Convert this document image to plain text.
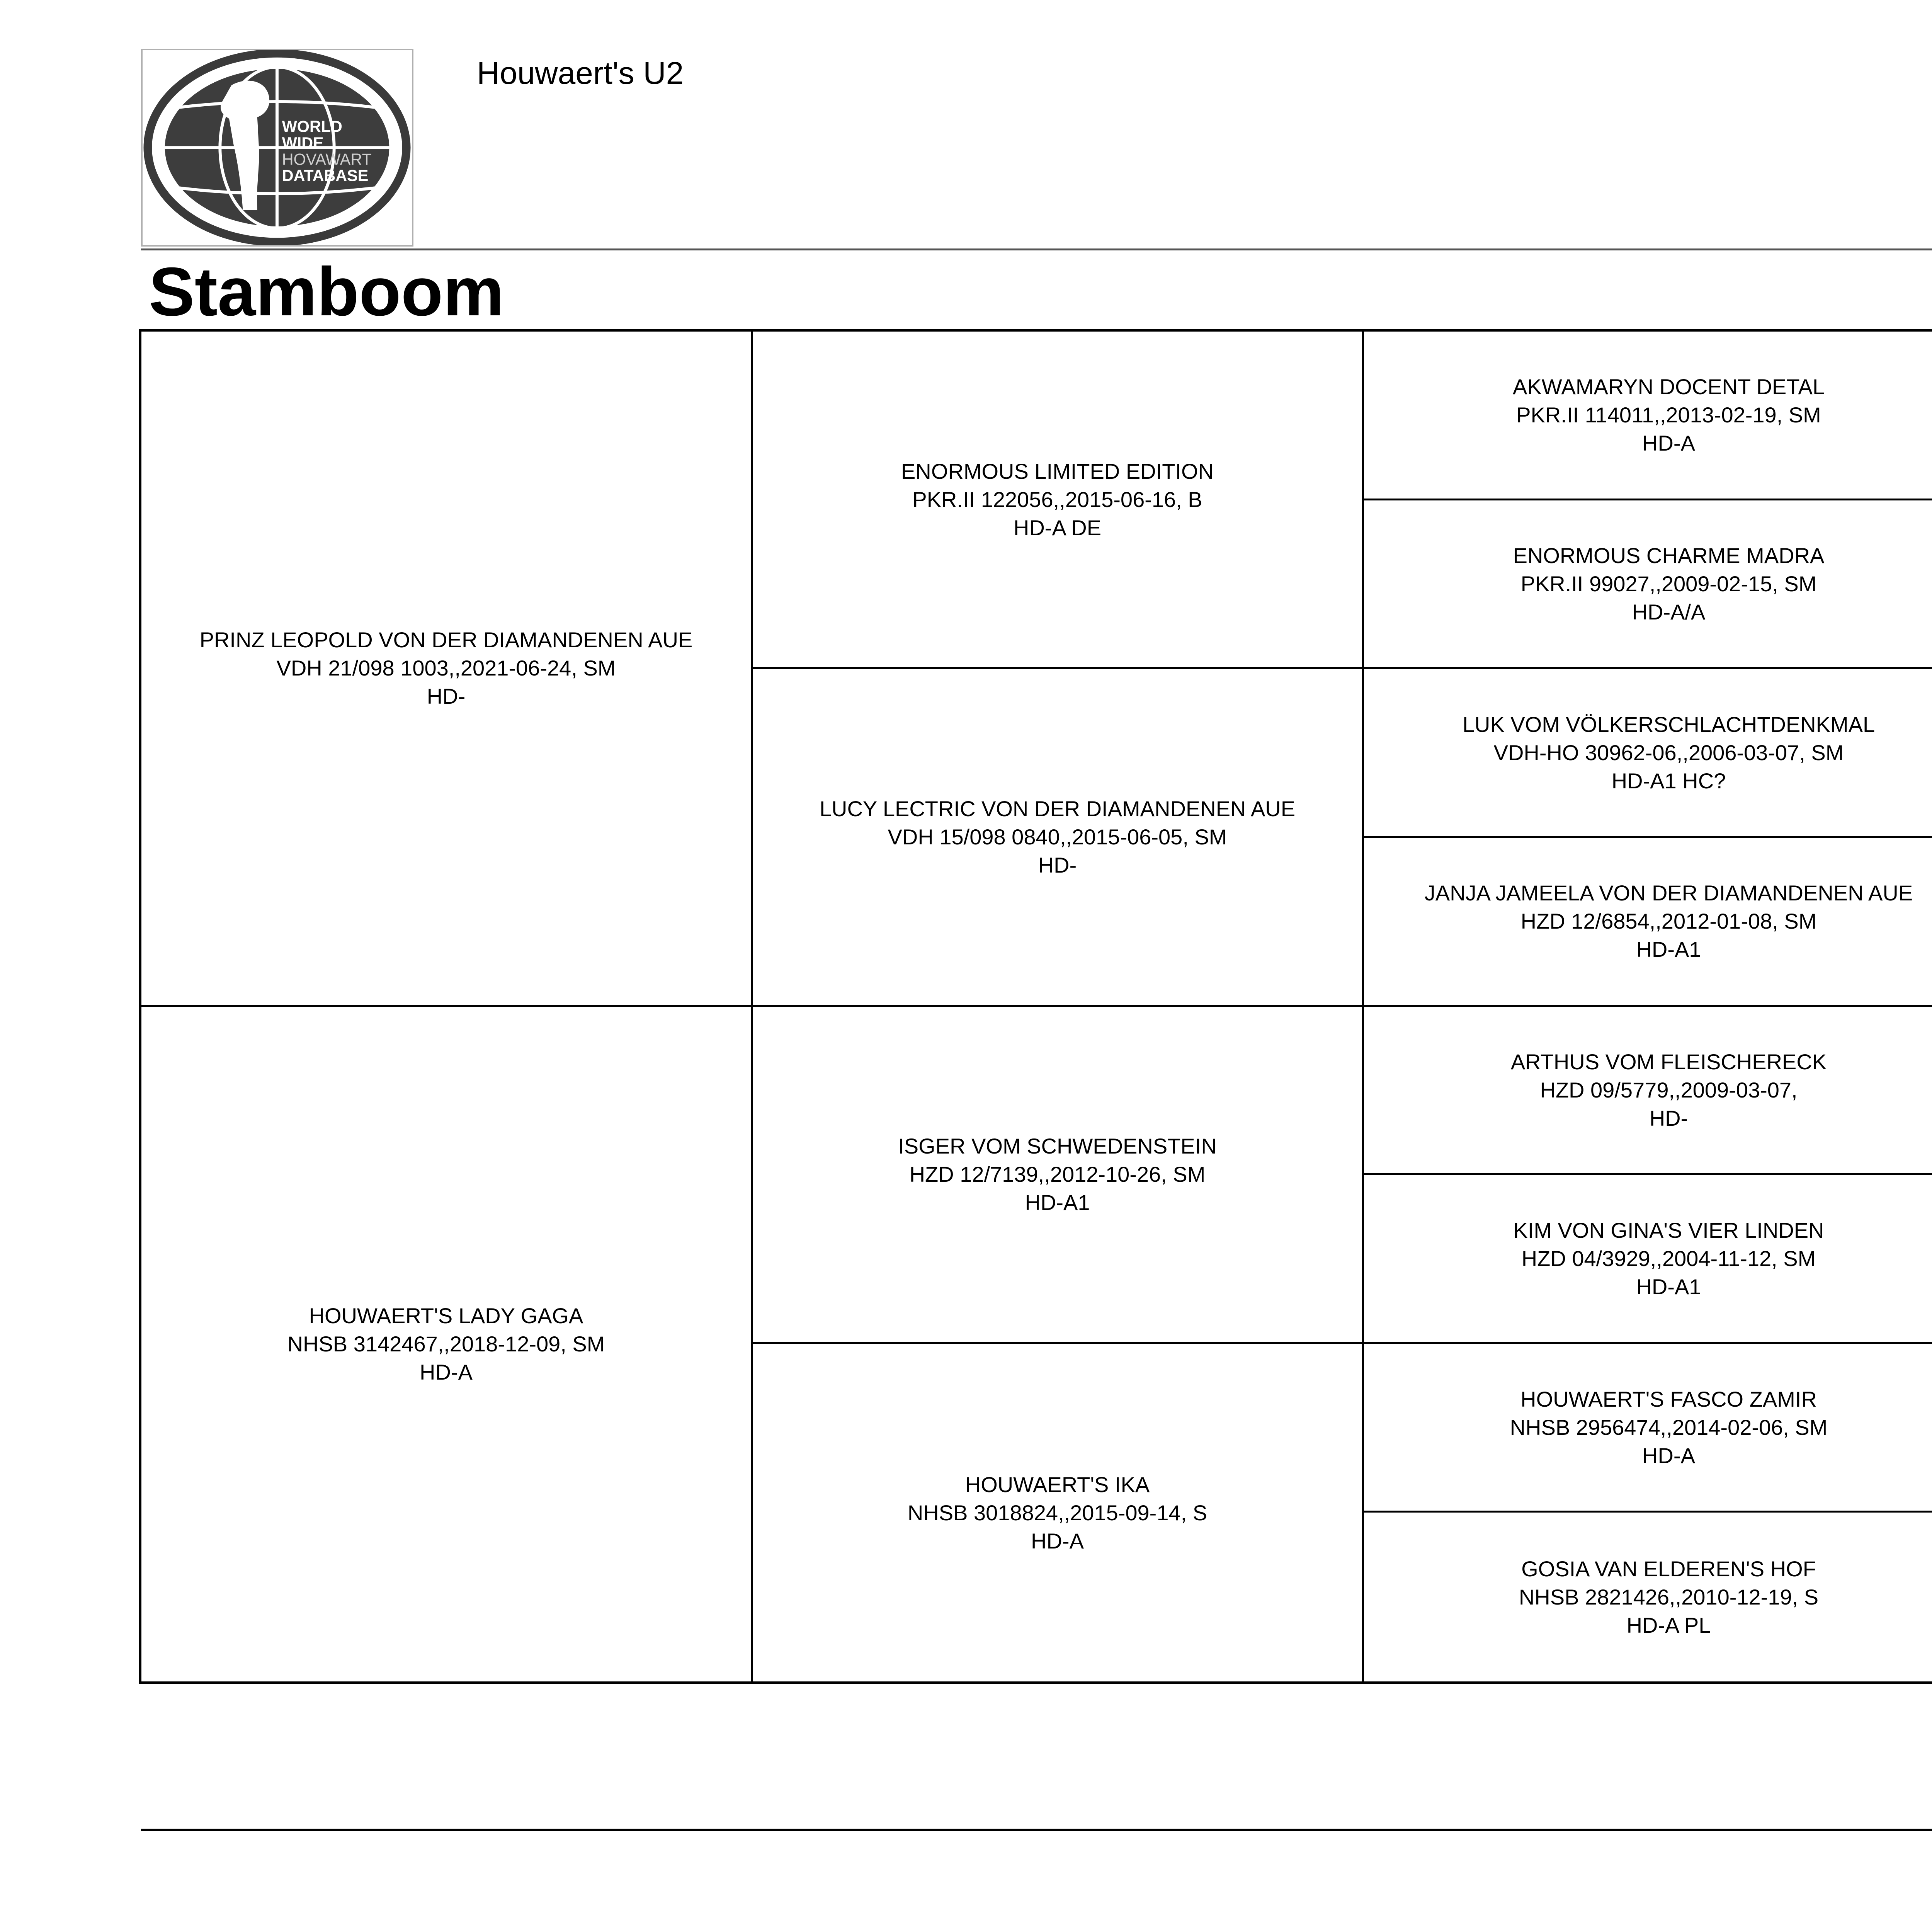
WORLD
WIDE
HOVAWART
DATABASE
Houwaert's U2
Stamboom
PRINZ LEOPOLD VON DER DIAMANDENEN AUE
VDH 21/098 1003,,2021-06-24, SM
HD-
HOUWAERT'S LADY GAGA
NHSB 3142467,,2018-12-09, SM
HD-A
ENORMOUS LIMITED EDITION
PKR.II 122056,,2015-06-16, B
HD-A DE
LUCY LECTRIC VON DER DIAMANDENEN AUE
VDH 15/098 0840,,2015-06-05, SM
HD-
ISGER VOM SCHWEDENSTEIN
HZD 12/7139,,2012-10-26, SM
HD-A1
HOUWAERT'S IKA
NHSB 3018824,,2015-09-14, S
HD-A
AKWAMARYN DOCENT DETAL
PKR.II 114011,,2013-02-19, SM
HD-A
ENORMOUS CHARME MADRA
PKR.II 99027,,2009-02-15, SM
HD-A/A
LUK VOM VÖLKERSCHLACHTDENKMAL
VDH-HO 30962-06,,2006-03-07, SM
HD-A1 HC?
JANJA JAMEELA VON DER DIAMANDENEN AUE
HZD 12/6854,,2012-01-08, SM
HD-A1
ARTHUS VOM FLEISCHERECK
HZD 09/5779,,2009-03-07,
HD-
KIM VON GINA'S VIER LINDEN
HZD 04/3929,,2004-11-12, SM
HD-A1
HOUWAERT'S FASCO ZAMIR
NHSB 2956474,,2014-02-06, SM
HD-A
GOSIA VAN ELDEREN'S HOF
NHSB 2821426,,2010-12-19, S
HD-A PL
